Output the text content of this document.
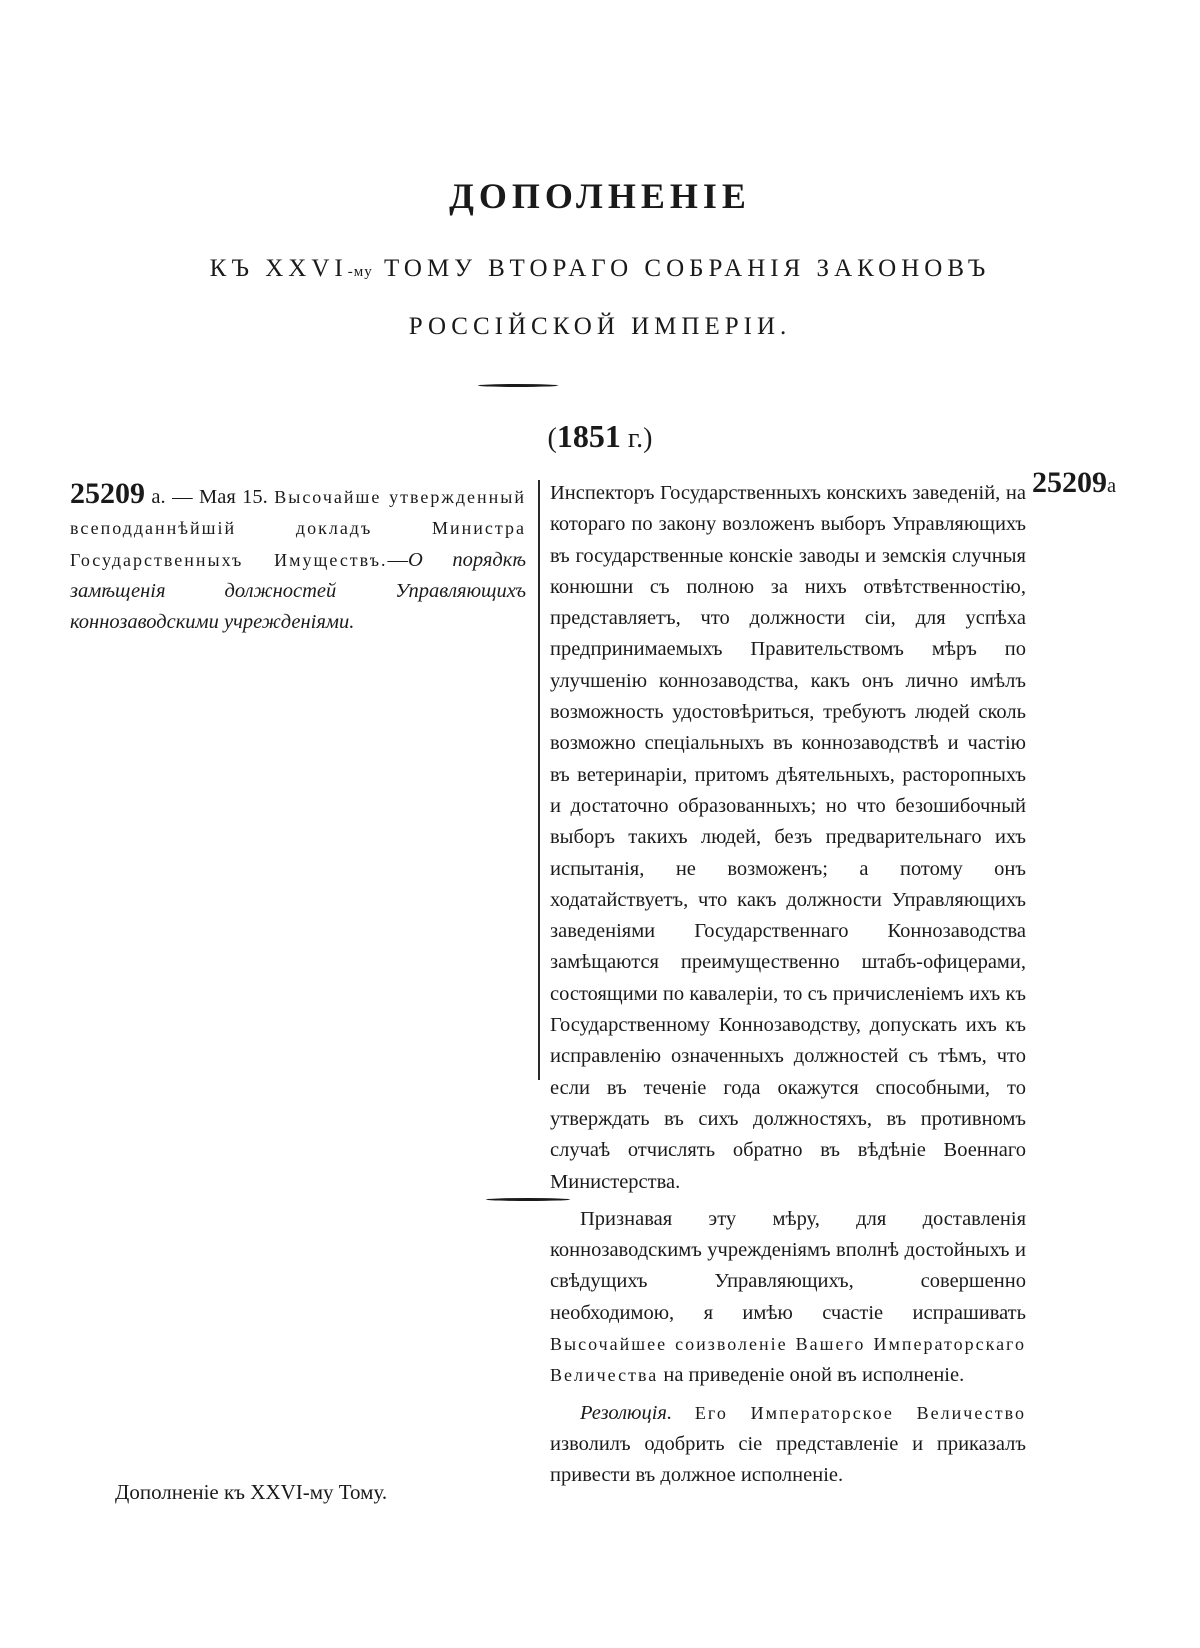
ДОПОЛНЕНІЕ
КЪ XXVI-му ТОМУ ВТОРАГО СОБРАНІЯ ЗАКОНОВЪ
РОССІЙСКОЙ ИМПЕРІИ.
(1851 г.)

25209 а. — Мая 15. Высочайше утвержденный всеподданнѣйшій докладъ Министра Государственныхъ Имуществъ.—О порядкѣ замѣщенія должностей Управляющихъ коннозаводскими учрежденіями.

Инспекторъ Государственныхъ конскихъ заведеній, на котораго по закону возложенъ выборъ Управляющихъ въ государственные конскіе заводы и земскія случныя конюшни съ полною за нихъ отвѣтственностію, представляетъ, что должности сіи, для успѣха предпринимаемыхъ Правительствомъ мѣръ по улучшенію коннозаводства, какъ онъ лично имѣлъ возможность удостовѣриться, требуютъ людей сколь возможно спеціальныхъ въ коннозаводствѣ и частію въ ветеринаріи, притомъ дѣятельныхъ, расторопныхъ и достаточно образованныхъ; но что безошибочный выборъ такихъ людей, безъ предварительнаго ихъ испытанія, не возможенъ; а потому онъ ходатайствуетъ, что какъ должности Управляющихъ заведеніями Государственнаго Коннозаводства замѣщаются преимущественно штабъ-офицерами, состоящими по кавалеріи, то съ причисленіемъ ихъ къ Государственному Коннозаводству, допускать ихъ къ исправленію означенныхъ должностей съ тѣмъ, что если въ теченіе года окажутся способными, то утверждать въ сихъ должностяхъ, въ противномъ случаѣ отчислять обратно въ вѣдѣніе Военнаго Министерства.

Признавая эту мѣру, для доставленія коннозаводскимъ учрежденіямъ вполнѣ достойныхъ и свѣдущихъ Управляющихъ, совершенно необходимою, я имѣю счастіе испрашивать Высочайшее соизволеніе Вашего Императорскаго Величества на приведеніе оной въ исполненіе.

Резолюція. Его Императорское Величество изволилъ одобрить сіе представленіе и приказалъ привести въ должное исполненіе.

25209а
Дополненіе къ XXVI-му Тому.
